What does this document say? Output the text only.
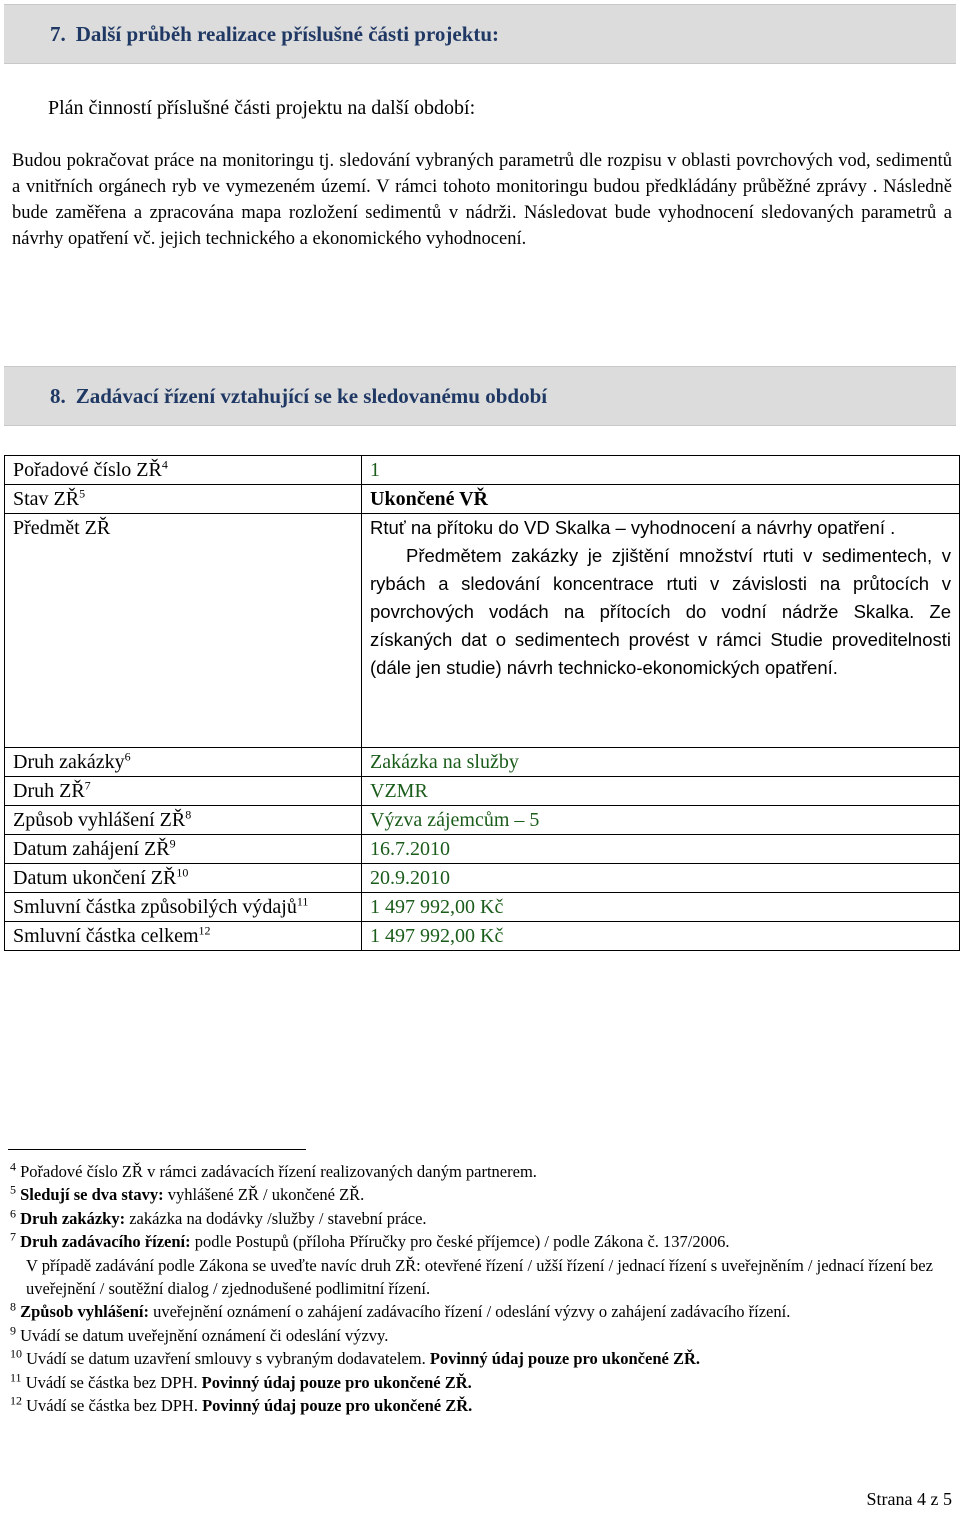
7. Další průběh realizace příslušné části projektu:
Plán činností příslušné části projektu na další období:
Budou pokračovat práce na monitoringu tj. sledování vybraných parametrů dle rozpisu v oblasti povrchových vod, sedimentů a vnitřních orgánech ryb ve vymezeném území. V rámci tohoto monitoringu budou předkládány průběžné zprávy . Následně bude zaměřena a zpracována mapa rozložení sedimentů v nádrži. Následovat bude vyhodnocení sledovaných parametrů a návrhy opatření vč. jejich technického a ekonomického vyhodnocení.
8. Zadávací řízení vztahující se ke sledovanému období
Pořadové číslo $ZŘ^4$	1
Stav $ZŘ^5$	Ukončené VŘ
Předmět ZŘ	Rtuť na přítoku do VD Skalka – vyhodnocení a návrhy opatření .
Předmětem zakázky je zjištění množství rtuti v sedimentech, v rybách a sledování koncentrace rtuti v závislosti na průtocích v povrchových vodách na přítocích do vodní nádrže Skalka. Ze získaných dat o sedimentech provést v rámci Studie proveditelnosti (dále jen studie) návrh technicko-ekonomických opatření.

Druh zakázky$^6$	Zakázka na služby
Druh $ZŘ^7$	VZMR
Způsob vyhlášení $ZŘ^8$	Výzva zájemcům – 5
Datum zahájení $ZŘ^9$	16.7.2010
Datum ukončení ZŘ$^{10}$	20.9.2010
Smluvní částka způsobilých výdajů$^{11}$	1 497 992,00 Kč
Smluvní částka celkem$^{12}$	1 497 992,00 Kč
$^4$ Pořadové číslo ZŘ v rámci zadávacích řízení realizovaných daným partnerem.
$^5$ Sledují se dva stavy: vyhlášené ZŘ / ukončené ZŘ.
$^6$ Druh zakázky: zakázka na dodávky /služby / stavební práce.
$^7$ Druh zadávacího řízení: podle Postupů (příloha Příručky pro české příjemce) / podle Zákona č. 137/2006.
V případě zadávání podle Zákona se uveďte navíc druh ZŘ: otevřené řízení / užší řízení / jednací řízení s uveřejněním / jednací řízení bez uveřejnění / soutěžní dialog / zjednodušené podlimitní řízení.
$^8$ Způsob vyhlášení: uveřejnění oznámení o zahájení zadávacího řízení / odeslání výzvy o zahájení zadávacího řízení.
$^9$ Uvádí se datum uveřejnění oznámení či odeslání výzvy.
$^{10}$ Uvádí se datum uzavření smlouvy s vybraným dodavatelem. Povinný údaj pouze pro ukončené ZŘ.
$^{11}$ Uvádí se částka bez DPH. Povinný údaj pouze pro ukončené ZŘ.
$^{12}$ Uvádí se částka bez DPH. Povinný údaj pouze pro ukončené ZŘ.
Strana 4 z 5
